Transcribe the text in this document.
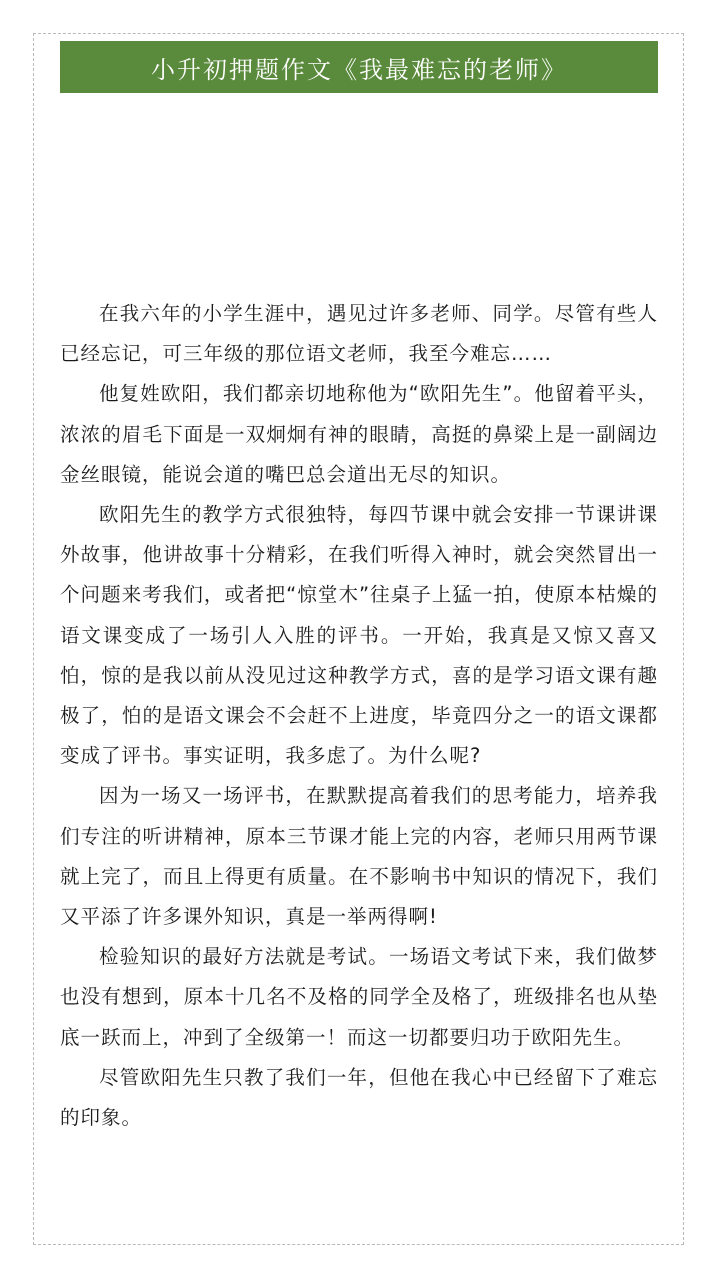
小升初押题作文《我最难忘的老师》

在我六年的小学生涯中，遇见过许多老师、同学。尽管有些人已经忘记，可三年级的那位语文老师，我至今难忘……

他复姓欧阳，我们都亲切地称他为“欧阳先生”。他留着平头，浓浓的眉毛下面是一双炯炯有神的眼睛，高挺的鼻梁上是一副阔边金丝眼镜，能说会道的嘴巴总会道出无尽的知识。

欧阳先生的教学方式很独特，每四节课中就会安排一节课讲课外故事，他讲故事十分精彩，在我们听得入神时，就会突然冒出一个问题来考我们，或者把“惊堂木”往桌子上猛一拍，使原本枯燥的语文课变成了一场引人入胜的评书。一开始，我真是又惊又喜又怕，惊的是我以前从没见过这种教学方式，喜的是学习语文课有趣极了，怕的是语文课会不会赶不上进度，毕竟四分之一的语文课都变成了评书。事实证明，我多虑了。为什么呢?

因为一场又一场评书，在默默提高着我们的思考能力，培养我们专注的听讲精神，原本三节课才能上完的内容，老师只用两节课就上完了，而且上得更有质量。在不影响书中知识的情况下，我们又平添了许多课外知识，真是一举两得啊!

检验知识的最好方法就是考试。一场语文考试下来，我们做梦也没有想到，原本十几名不及格的同学全及格了，班级排名也从垫底一跃而上，冲到了全级第一！而这一切都要归功于欧阳先生。

尽管欧阳先生只教了我们一年，但他在我心中已经留下了难忘的印象。
